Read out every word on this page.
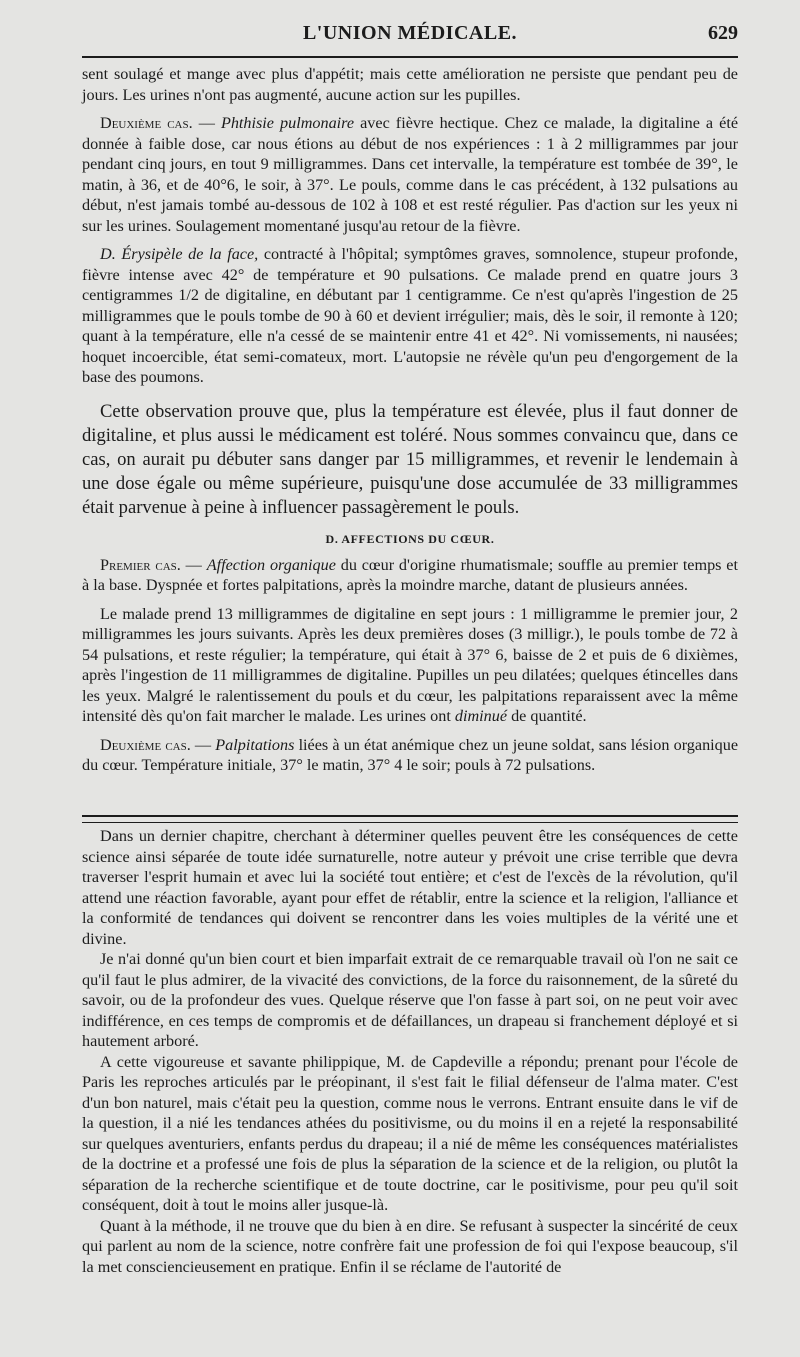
L'UNION MÉDICALE.	629

sent soulagé et mange avec plus d'appétit; mais cette amélioration ne persiste que pendant peu de jours. Les urines n'ont pas augmenté, aucune action sur les pupilles.

Deuxième cas. — Phthisie pulmonaire avec fièvre hectique. Chez ce malade, la digitaline a été donnée à faible dose, car nous étions au début de nos expériences : 1 à 2 milligrammes par jour pendant cinq jours, en tout 9 milligrammes. Dans cet intervalle, la température est tombée de 39°, le matin, à 36, et de 40°6, le soir, à 37°. Le pouls, comme dans le cas précédent, à 132 pulsations au début, n'est jamais tombé au-dessous de 102 à 108 et est resté régulier. Pas d'action sur les yeux ni sur les urines. Soulagement momentané jusqu'au retour de la fièvre.

D. Érysipèle de la face, contracté à l'hôpital; symptômes graves, somnolence, stupeur profonde, fièvre intense avec 42° de température et 90 pulsations. Ce malade prend en quatre jours 3 centigrammes 1/2 de digitaline, en débutant par 1 centigramme. Ce n'est qu'après l'ingestion de 25 milligrammes que le pouls tombe de 90 à 60 et devient irrégulier; mais, dès le soir, il remonte à 120; quant à la température, elle n'a cessé de se maintenir entre 41 et 42°. Ni vomissements, ni nausées; hoquet incoercible, état semi-comateux, mort. L'autopsie ne révèle qu'un peu d'engorgement de la base des poumons.

Cette observation prouve que, plus la température est élevée, plus il faut donner de digitaline, et plus aussi le médicament est toléré. Nous sommes convaincu que, dans ce cas, on aurait pu débuter sans danger par 15 milligrammes, et revenir le lendemain à une dose égale ou même supérieure, puisqu'une dose accumulée de 33 milligrammes était parvenue à peine à influencer passagèrement le pouls.

D. AFFECTIONS DU CŒUR.

Premier cas. — Affection organique du cœur d'origine rhumatismale; souffle au premier temps et à la base. Dyspnée et fortes palpitations, après la moindre marche, datant de plusieurs années.

Le malade prend 13 milligrammes de digitaline en sept jours : 1 milligramme le premier jour, 2 milligrammes les jours suivants. Après les deux premières doses (3 milligr.), le pouls tombe de 72 à 54 pulsations, et reste régulier; la température, qui était à 37° 6, baisse de 2 et puis de 6 dixièmes, après l'ingestion de 11 milligrammes de digitaline. Pupilles un peu dilatées; quelques étincelles dans les yeux. Malgré le ralentissement du pouls et du cœur, les palpitations reparaissent avec la même intensité dès qu'on fait marcher le malade. Les urines ont diminué de quantité.

Deuxième cas. — Palpitations liées à un état anémique chez un jeune soldat, sans lésion organique du cœur. Température initiale, 37° le matin, 37° 4 le soir; pouls à 72 pulsations.

Dans un dernier chapitre, cherchant à déterminer quelles peuvent être les conséquences de cette science ainsi séparée de toute idée surnaturelle, notre auteur y prévoit une crise terrible que devra traverser l'esprit humain et avec lui la société tout entière; et c'est de l'excès de la révolution, qu'il attend une réaction favorable, ayant pour effet de rétablir, entre la science et la religion, l'alliance et la conformité de tendances qui doivent se rencontrer dans les voies multiples de la vérité une et divine.

Je n'ai donné qu'un bien court et bien imparfait extrait de ce remarquable travail où l'on ne sait ce qu'il faut le plus admirer, de la vivacité des convictions, de la force du raisonnement, de la sûreté du savoir, ou de la profondeur des vues. Quelque réserve que l'on fasse à part soi, on ne peut voir avec indifférence, en ces temps de compromis et de défaillances, un drapeau si franchement déployé et si hautement arboré.

A cette vigoureuse et savante philippique, M. de Capdeville a répondu; prenant pour l'école de Paris les reproches articulés par le préopinant, il s'est fait le filial défenseur de l'alma mater. C'est d'un bon naturel, mais c'était peu la question, comme nous le verrons. Entrant ensuite dans le vif de la question, il a nié les tendances athées du positivisme, ou du moins il en a rejeté la responsabilité sur quelques aventuriers, enfants perdus du drapeau; il a nié de même les conséquences matérialistes de la doctrine et a professé une fois de plus la séparation de la science et de la religion, ou plutôt la séparation de la recherche scientifique et de toute doctrine, car le positivisme, pour peu qu'il soit conséquent, doit à tout le moins aller jusque-là.

Quant à la méthode, il ne trouve que du bien à en dire. Se refusant à suspecter la sincérité de ceux qui parlent au nom de la science, notre confrère fait une profession de foi qui l'expose beaucoup, s'il la met consciencieusement en pratique. Enfin il se réclame de l'autorité de
